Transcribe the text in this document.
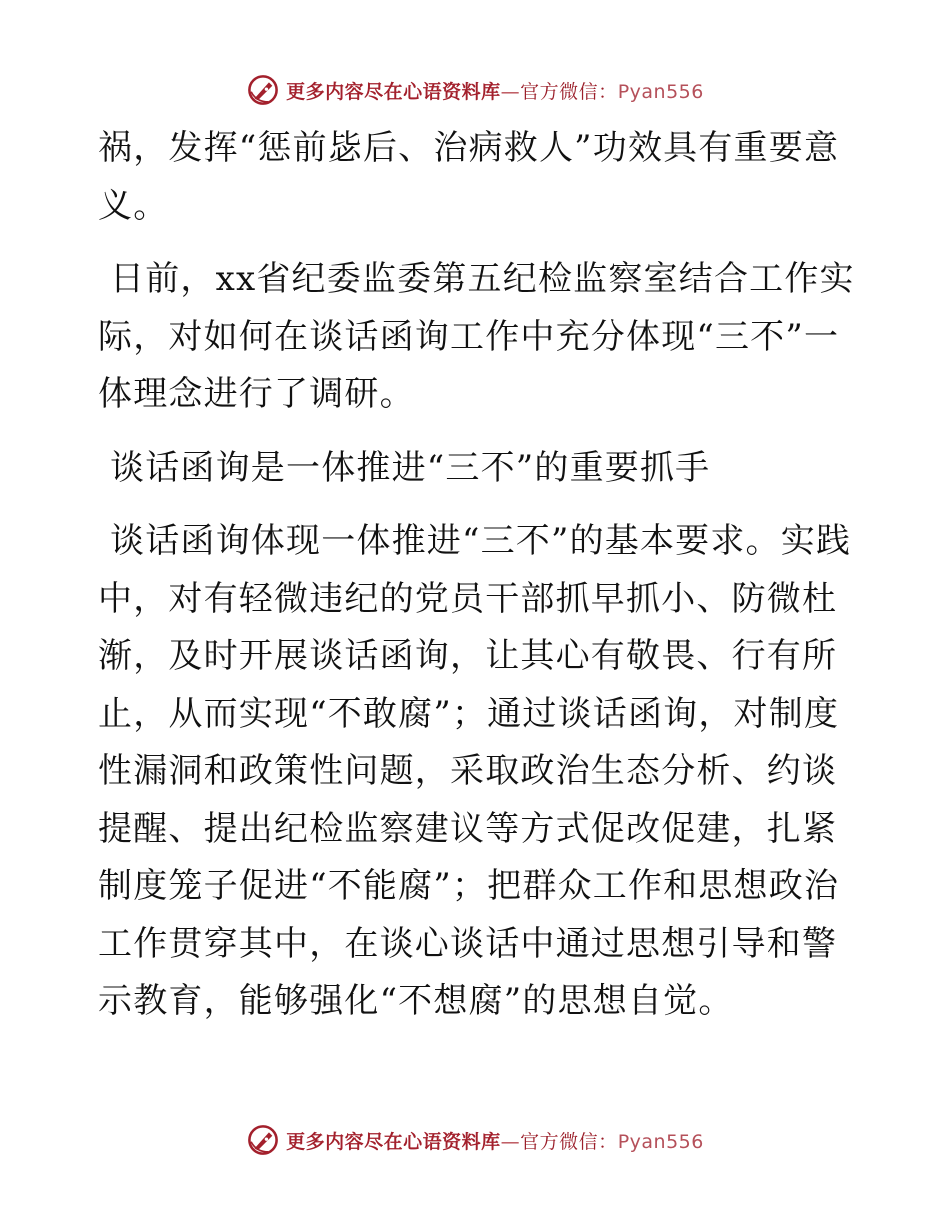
更多内容尽在心语资料库—官方微信：Pyan556

祸，发挥“惩前毖后、治病救人”功效具有重要意义。

日前，xx省纪委监委第五纪检监察室结合工作实际，对如何在谈话函询工作中充分体现“三不”一体理念进行了调研。

谈话函询是一体推进“三不”的重要抓手

谈话函询体现一体推进“三不”的基本要求。实践中，对有轻微违纪的党员干部抓早抓小、防微杜渐，及时开展谈话函询，让其心有敬畏、行有所止，从而实现“不敢腐”；通过谈话函询，对制度性漏洞和政策性问题，采取政治生态分析、约谈提醒、提出纪检监察建议等方式促改促建，扎紧制度笼子促进“不能腐”；把群众工作和思想政治工作贯穿其中，在谈心谈话中通过思想引导和警示教育，能够强化“不想腐”的思想自觉。

更多内容尽在心语资料库—官方微信：Pyan556
